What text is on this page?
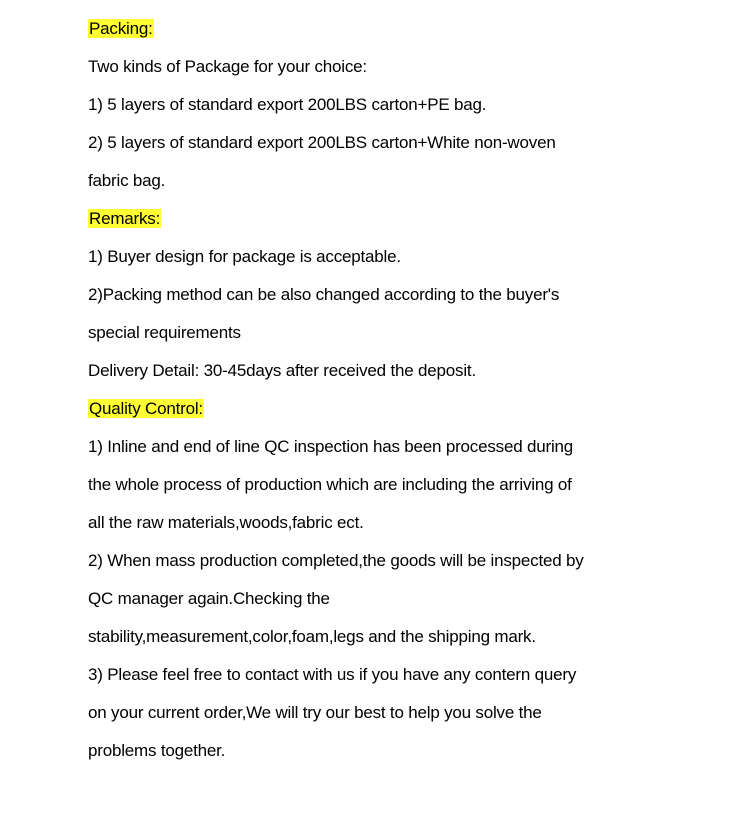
Packing:
Two kinds of Package for your choice:
1) 5 layers of standard export 200LBS carton+PE bag.
2) 5 layers of standard export 200LBS carton+White non-woven
fabric bag.
Remarks:
1) Buyer design for package is acceptable.
2)Packing method can be also changed according to the buyer's
special requirements
Delivery Detail: 30-45days after received the deposit.
Quality Control:
1) Inline and end of line QC inspection has been processed during
the whole process of production which are including the arriving of
all the raw materials,woods,fabric ect.
2) When mass production completed,the goods will be inspected by
QC manager again.Checking the
stability,measurement,color,foam,legs and the shipping mark.
3) Please feel free to contact with us if you have any contern query
on your current order,We will try our best to help you solve the
problems together.
